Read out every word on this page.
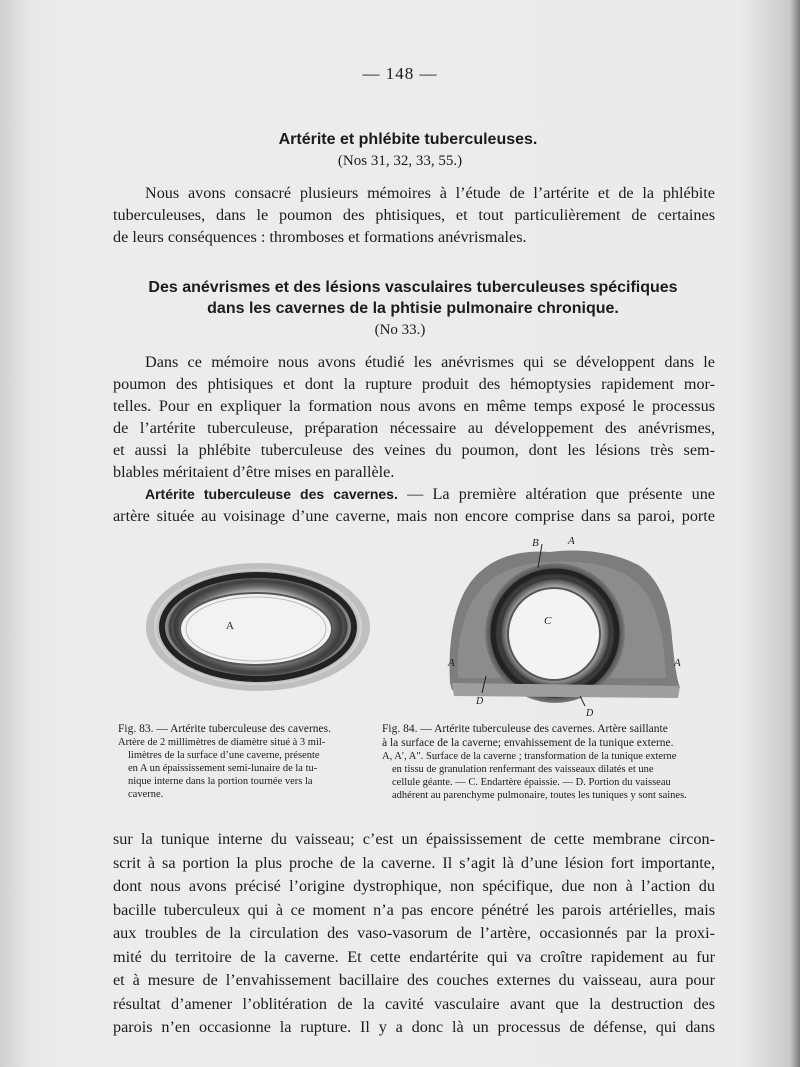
— 148 —
Artérite et phlébite tuberculeuses.
(Nos 31, 32, 33, 55.)
Nous avons consacré plusieurs mémoires à l’étude de l’artérite et de la phlébite
tuberculeuses, dans le poumon des phtisiques, et tout particulièrement de certaines
de leurs conséquences : thromboses et formations anévrismales.
Des anévrismes et des lésions vasculaires tuberculeuses spécifiques
dans les cavernes de la phtisie pulmonaire chronique.
(No 33.)
Dans ce mémoire nous avons étudié les anévrismes qui se développent dans le
poumon des phtisiques et dont la rupture produit des hémoptysies rapidement mor-
telles. Pour en expliquer la formation nous avons en même temps exposé le processus
de l’artérite tuberculeuse, préparation nécessaire au développement des anévrismes,
et aussi la phlébite tuberculeuse des veines du poumon, dont les lésions très sem-
blables méritaient d’être mises en parallèle.
Artérite tuberculeuse des cavernes. — La première altération que présente une
artère située au voisinage d’une caverne, mais non encore comprise dans sa paroi, porte
A
Fig. 83. — Artérite tuberculeuse des cavernes.
Artère de 2 millimètres de diamètre situé à 3 mil-
limètres de la surface d’une caverne, présente
en A un épaississement semi-lunaire de la tu-
nique interne dans la portion tournée vers la
caverne.
B	A
C
A	A
D
D
Fig. 84. — Artérite tuberculeuse des cavernes. Artère saillante
à la surface de la caverne; envahissement de la tunique externe.
A, A′, A″. Surface de la caverne ; transformation de la tunique externe
en tissu de granulation renfermant des vaisseaux dilatés et une
cellule géante. — C. Endartère épaissie. — D. Portion du vaisseau
adhérent au parenchyme pulmonaire, toutes les tuniques y sont saines.
sur la tunique interne du vaisseau; c’est un épaississement de cette membrane circon-
scrit à sa portion la plus proche de la caverne. Il s’agit là d’une lésion fort importante,
dont nous avons précisé l’origine dystrophique, non spécifique, due non à l’action du
bacille tuberculeux qui à ce moment n’a pas encore pénétré les parois artérielles, mais
aux troubles de la circulation des vaso-vasorum de l’artère, occasionnés par la proxi-
mité du territoire de la caverne. Et cette endartérite qui va croître rapidement au fur
et à mesure de l’envahissement bacillaire des couches externes du vaisseau, aura pour
résultat d’amener l’oblitération de la cavité vasculaire avant que la destruction des
parois n’en occasionne la rupture. Il y a donc là un processus de défense, qui dans
